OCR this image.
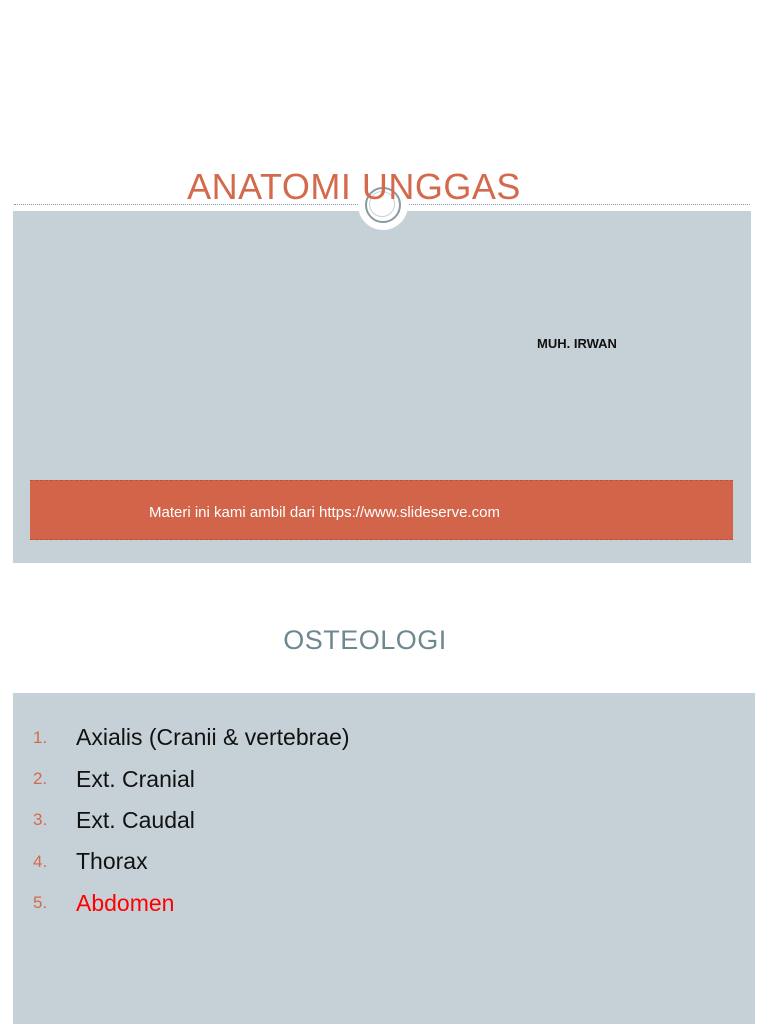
ANATOMI UNGGAS
MUH. IRWAN
Materi ini kami ambil dari https://www.slideserve.com
OSTEOLOGI
1.	Axialis (Cranii & vertebrae)
2.	Ext. Cranial
3.	Ext. Caudal
4.	Thorax
5.	Abdomen
